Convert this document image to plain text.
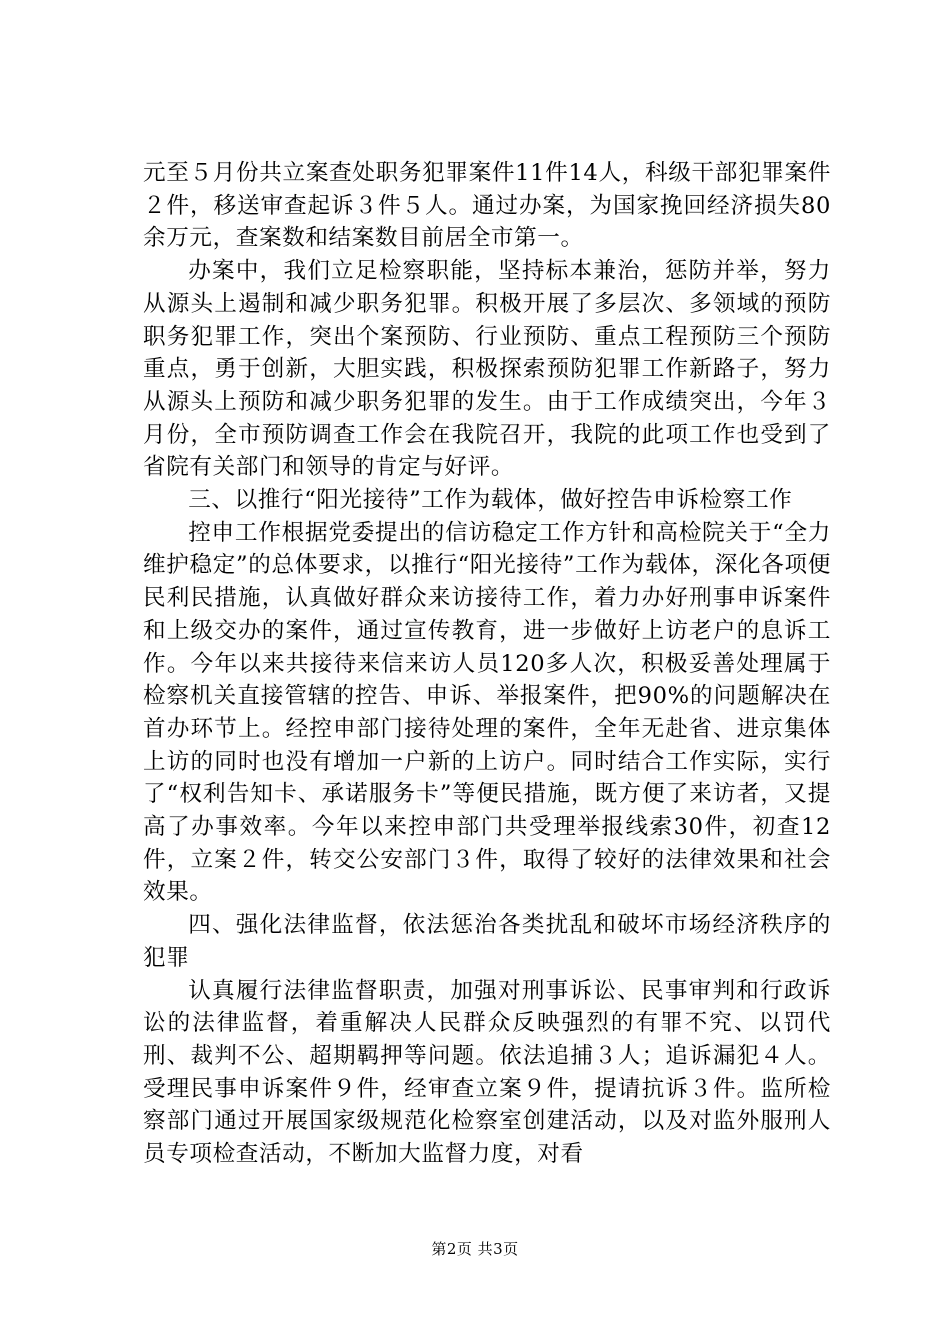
元至５月份共立案查处职务犯罪案件11件14人，科级干部犯罪案件２件，移送审查起诉３件５人。通过办案，为国家挽回经济损失80余万元，查案数和结案数目前居全市第一。

办案中，我们立足检察职能，坚持标本兼治，惩防并举，努力从源头上遏制和减少职务犯罪。积极开展了多层次、多领域的预防职务犯罪工作，突出个案预防、行业预防、重点工程预防三个预防重点，勇于创新，大胆实践，积极探索预防犯罪工作新路子，努力从源头上预防和减少职务犯罪的发生。由于工作成绩突出，今年３月份，全市预防调查工作会在我院召开，我院的此项工作也受到了省院有关部门和领导的肯定与好评。

三、以推行“阳光接待”工作为载体，做好控告申诉检察工作

控申工作根据党委提出的信访稳定工作方针和高检院关于“全力维护稳定”的总体要求，以推行“阳光接待”工作为载体，深化各项便民利民措施，认真做好群众来访接待工作，着力办好刑事申诉案件和上级交办的案件，通过宣传教育，进一步做好上访老户的息诉工作。今年以来共接待来信来访人员120多人次，积极妥善处理属于检察机关直接管辖的控告、申诉、举报案件，把90%的问题解决在首办环节上。经控申部门接待处理的案件，全年无赴省、进京集体上访的同时也没有增加一户新的上访户。同时结合工作实际，实行了“权利告知卡、承诺服务卡”等便民措施，既方便了来访者，又提高了办事效率。今年以来控申部门共受理举报线索30件，初查12件，立案２件，转交公安部门３件，取得了较好的法律效果和社会效果。

四、强化法律监督，依法惩治各类扰乱和破坏市场经济秩序的犯罪

认真履行法律监督职责，加强对刑事诉讼、民事审判和行政诉讼的法律监督，着重解决人民群众反映强烈的有罪不究、以罚代刑、裁判不公、超期羁押等问题。依法追捕３人；追诉漏犯４人。受理民事申诉案件９件，经审查立案９件，提请抗诉３件。监所检察部门通过开展国家级规范化检察室创建活动，以及对监外服刑人员专项检查活动，不断加大监督力度，对看

第2页 共3页
